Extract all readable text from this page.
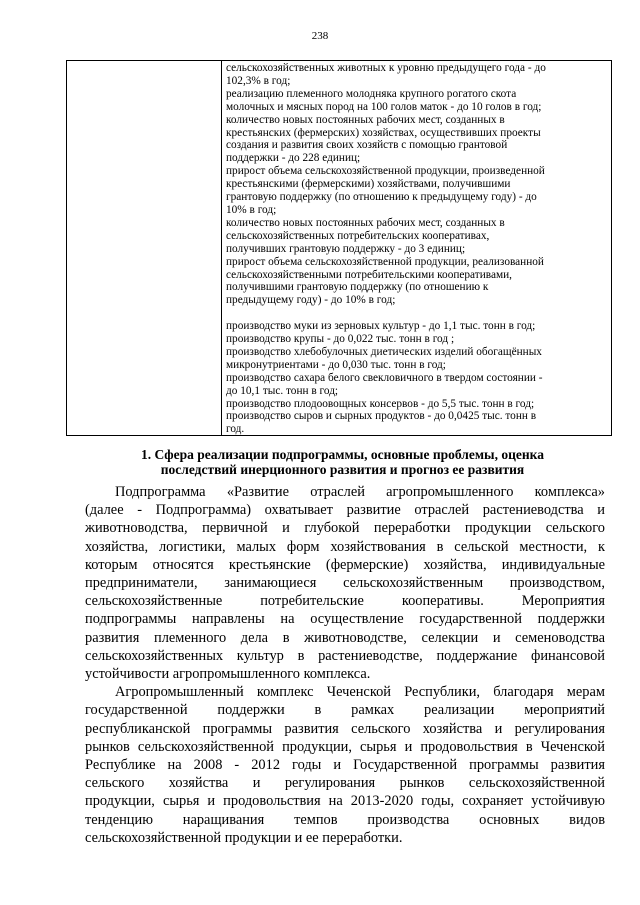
238

сельскохозяйственных животных к уровню предыдущего года - до

102,3% в год;

реализацию племенного молодняка крупного рогатого скота

молочных и мясных пород на 100 голов маток - до 10 голов в год;

количество новых постоянных рабочих мест, созданных в

крестьянских (фермерских) хозяйствах, осуществивших проекты

создания и развития своих хозяйств с помощью грантовой

поддержки - до 228 единиц;

прирост объема сельскохозяйственной продукции, произведенной

крестьянскими (фермерскими) хозяйствами, получившими

грантовую поддержку (по отношению к предыдущему году) - до

10% в год;

количество новых постоянных рабочих мест, созданных в

сельскохозяйственных потребительских кооперативах,

получивших грантовую поддержку - до 3 единиц;

прирост объема сельскохозяйственной продукции, реализованной

сельскохозяйственными потребительскими кооперативами,

получившими грантовую поддержку (по отношению к

предыдущему году) - до 10% в год;

производство муки из зерновых культур - до 1,1 тыс. тонн в год;

производство крупы - до 0,022 тыс. тонн в год ;

производство хлебобулочных диетических изделий обогащённых

микронутриентами - до 0,030 тыс. тонн в год;

производство сахара белого свекловичного в твердом состоянии -

до 10,1 тыс. тонн в год;

производство плодоовощных консервов - до 5,5 тыс. тонн в год;

производство сыров и сырных продуктов - до 0,0425 тыс. тонн в

год.

1. Сфера реализации подпрограммы, основные проблемы, оценка

последствий инерционного развития и прогноз ее развития

Подпрограмма «Развитие отраслей агропромышленного комплекса»
(далее - Подпрограмма) охватывает развитие отраслей растениеводства и
животноводства, первичной и глубокой переработки продукции сельского
хозяйства, логистики, малых форм хозяйствования в сельской местности, к
которым относятся крестьянские (фермерские) хозяйства, индивидуальные
предприниматели, занимающиеся сельскохозяйственным производством,
сельскохозяйственные потребительские кооперативы. Мероприятия
подпрограммы направлены на осуществление государственной поддержки
развития племенного дела в животноводстве, селекции и семеноводства
сельскохозяйственных культур в растениеводстве, поддержание финансовой
устойчивости агропромышленного комплекса.

Агропромышленный комплекс Чеченской Республики, благодаря мерам
государственной поддержки в рамках реализации мероприятий
республиканской программы развития сельского хозяйства и регулирования
рынков сельскохозяйственной продукции, сырья и продовольствия в Чеченской
Республике на 2008 - 2012 годы и Государственной программы развития
сельского хозяйства и регулирования рынков сельскохозяйственной
продукции, сырья и продовольствия на 2013-2020 годы, сохраняет устойчивую
тенденцию наращивания темпов производства основных видов
сельскохозяйственной продукции и ее переработки.
